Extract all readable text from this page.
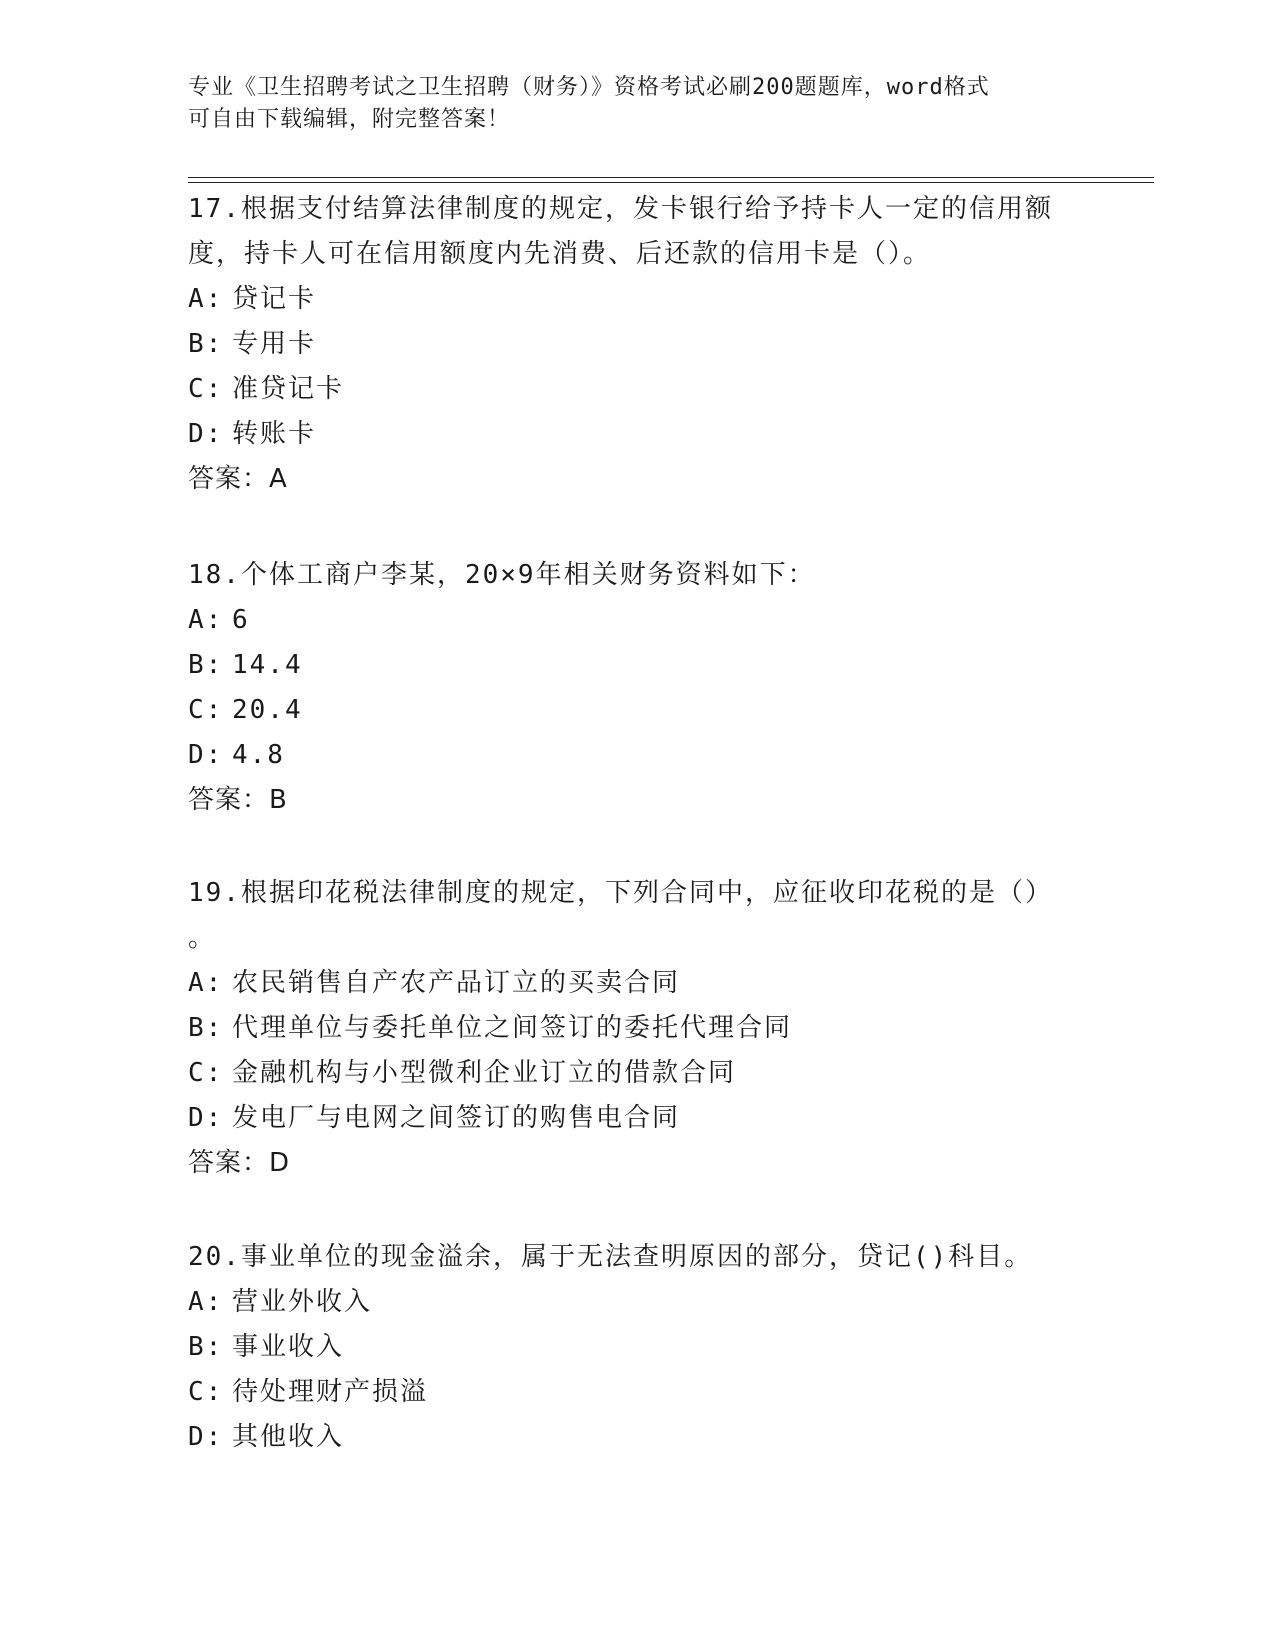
专业《卫生招聘考试之卫生招聘（财务）》资格考试必刷200题题库，word格式
可自由下载编辑，附完整答案！
17.根据支付结算法律制度的规定，发卡银行给予持卡人一定的信用额
度，持卡人可在信用额度内先消费、后还款的信用卡是（）。
A: 贷记卡
B: 专用卡
C: 准贷记卡
D: 转账卡
答案：A
18.个体工商户李某，20×9年相关财务资料如下：
A: 6
B: 14.4
C: 20.4
D: 4.8
答案：B
19.根据印花税法律制度的规定，下列合同中，应征收印花税的是（）
。
A: 农民销售自产农产品订立的买卖合同
B: 代理单位与委托单位之间签订的委托代理合同
C: 金融机构与小型微利企业订立的借款合同
D: 发电厂与电网之间签订的购售电合同
答案：D
20.事业单位的现金溢余，属于无法查明原因的部分，贷记()科目。
A: 营业外收入
B: 事业收入
C: 待处理财产损溢
D: 其他收入
